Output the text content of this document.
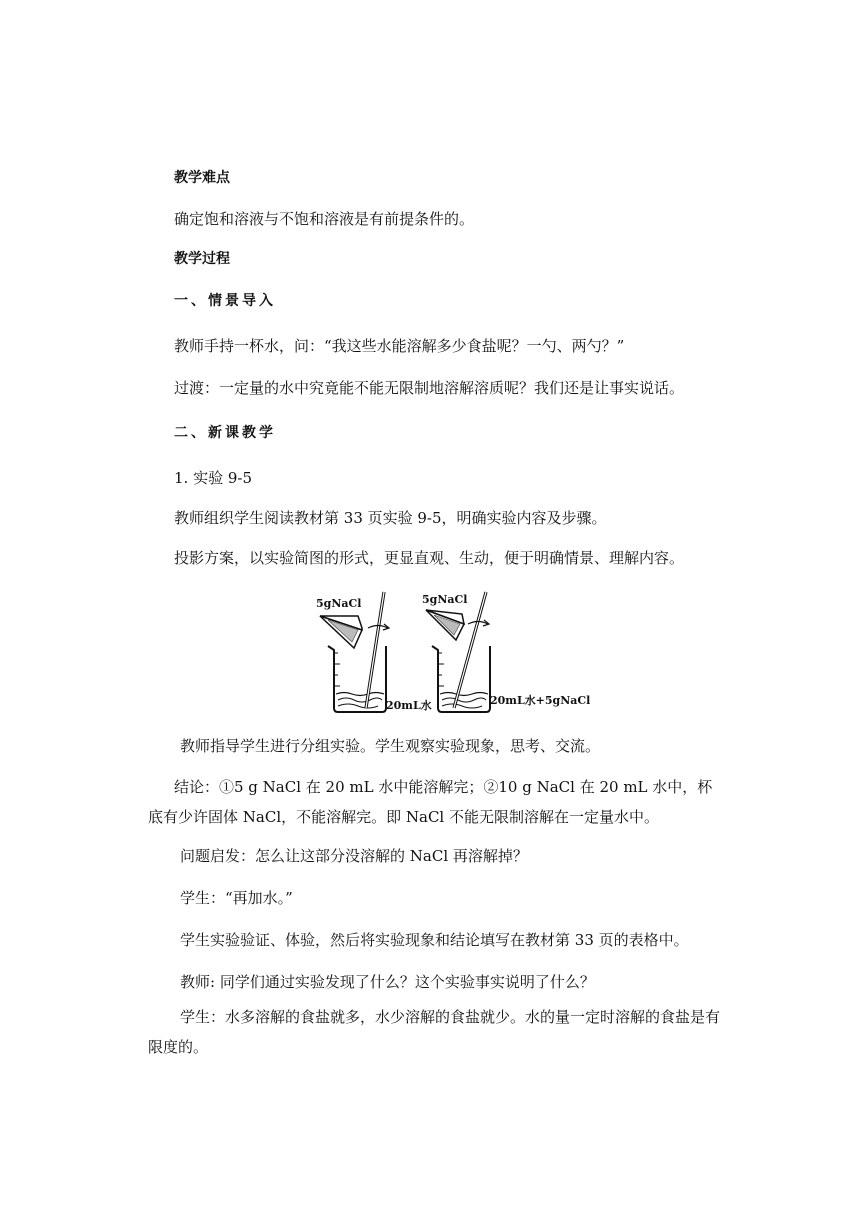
教学难点

确定饱和溶液与不饱和溶液是有前提条件的。

教学过程

一、情景导入

教师手持一杯水，问：“我这些水能溶解多少食盐呢？一勺、两勺？”

过渡：一定量的水中究竟能不能无限制地溶解溶质呢？我们还是让事实说话。

二、新课教学

1. 实验 9-5

教师组织学生阅读教材第 33 页实验 9-5，明确实验内容及步骤。

投影方案，以实验简图的形式，更显直观、生动，便于明确情景、理解内容。

5gNaCl
20mL水
5gNaCl
20mL水+5gNaCl

教师指导学生进行分组实验。学生观察实验现象，思考、交流。

结论：①5 g NaCl 在 20 mL 水中能溶解完；②10 g NaCl 在 20 mL 水中，杯底有少许固体 NaCl，不能溶解完。即 NaCl 不能无限制溶解在一定量水中。

问题启发：怎么让这部分没溶解的 NaCl 再溶解掉？

学生：“再加水。”

学生实验验证、体验，然后将实验现象和结论填写在教材第 33 页的表格中。

教师: 同学们通过实验发现了什么？这个实验事实说明了什么？

学生：水多溶解的食盐就多，水少溶解的食盐就少。水的量一定时溶解的食盐是有限度的。
